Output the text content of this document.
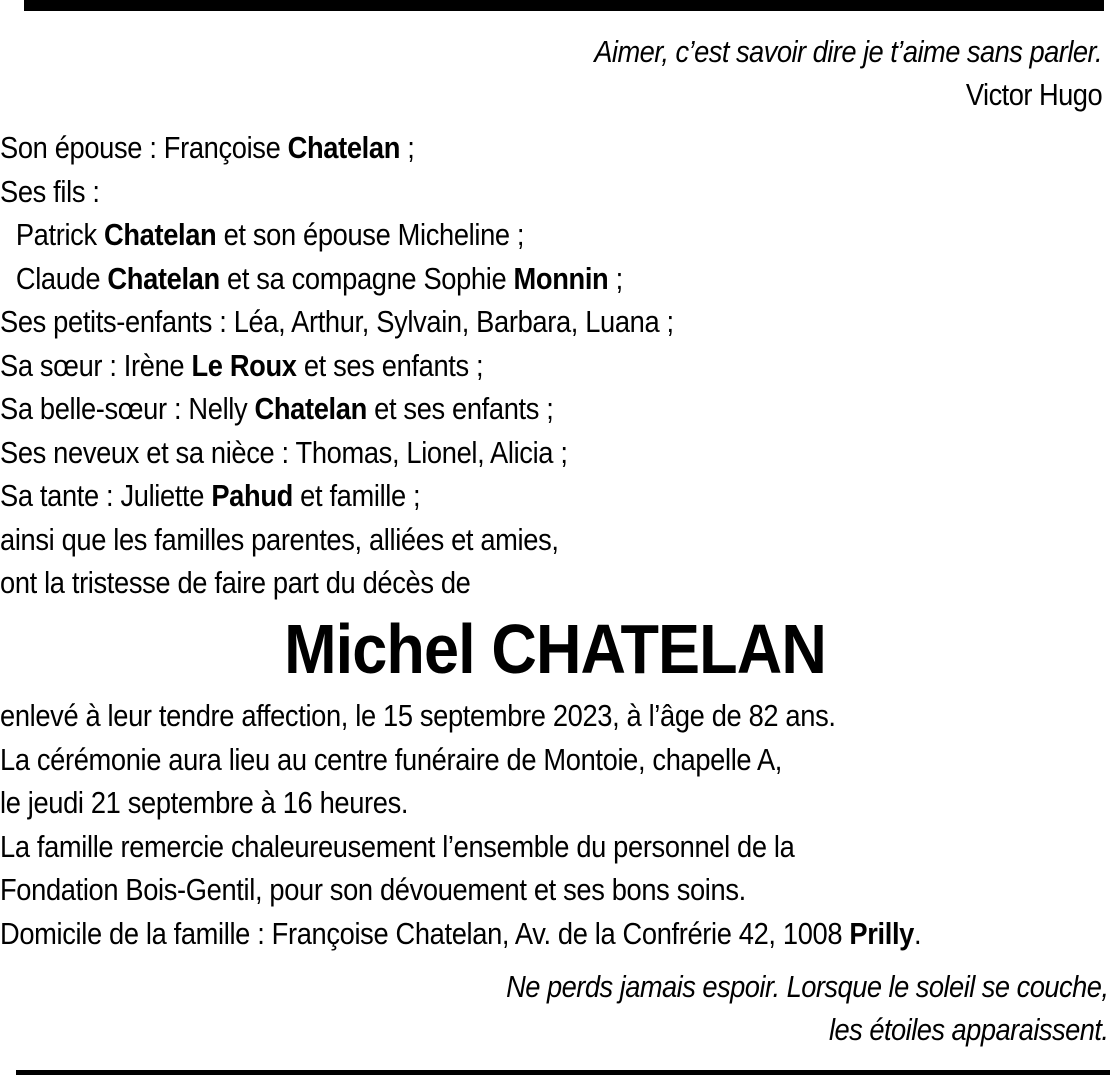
Aimer, c’est savoir dire je t’aime sans parler.
Victor Hugo
Son épouse : Françoise Chatelan ;
Ses fils :
Patrick Chatelan et son épouse Micheline ;
Claude Chatelan et sa compagne Sophie Monnin ;
Ses petits-enfants : Léa, Arthur, Sylvain, Barbara, Luana ;
Sa sœur : Irène Le Roux et ses enfants ;
Sa belle-sœur : Nelly Chatelan et ses enfants ;
Ses neveux et sa nièce : Thomas, Lionel, Alicia ;
Sa tante : Juliette Pahud et famille ;
ainsi que les familles parentes, alliées et amies,
ont la tristesse de faire part du décès de
Michel CHATELAN
enlevé à leur tendre affection, le 15 septembre 2023, à l’âge de 82 ans.
La cérémonie aura lieu au centre funéraire de Montoie, chapelle A,
le jeudi 21 septembre à 16 heures.
La famille remercie chaleureusement l’ensemble du personnel de la
Fondation Bois-Gentil, pour son dévouement et ses bons soins.
Domicile de la famille : Françoise Chatelan, Av. de la Confrérie 42, 1008 Prilly.
Ne perds jamais espoir. Lorsque le soleil se couche,
les étoiles apparaissent.
